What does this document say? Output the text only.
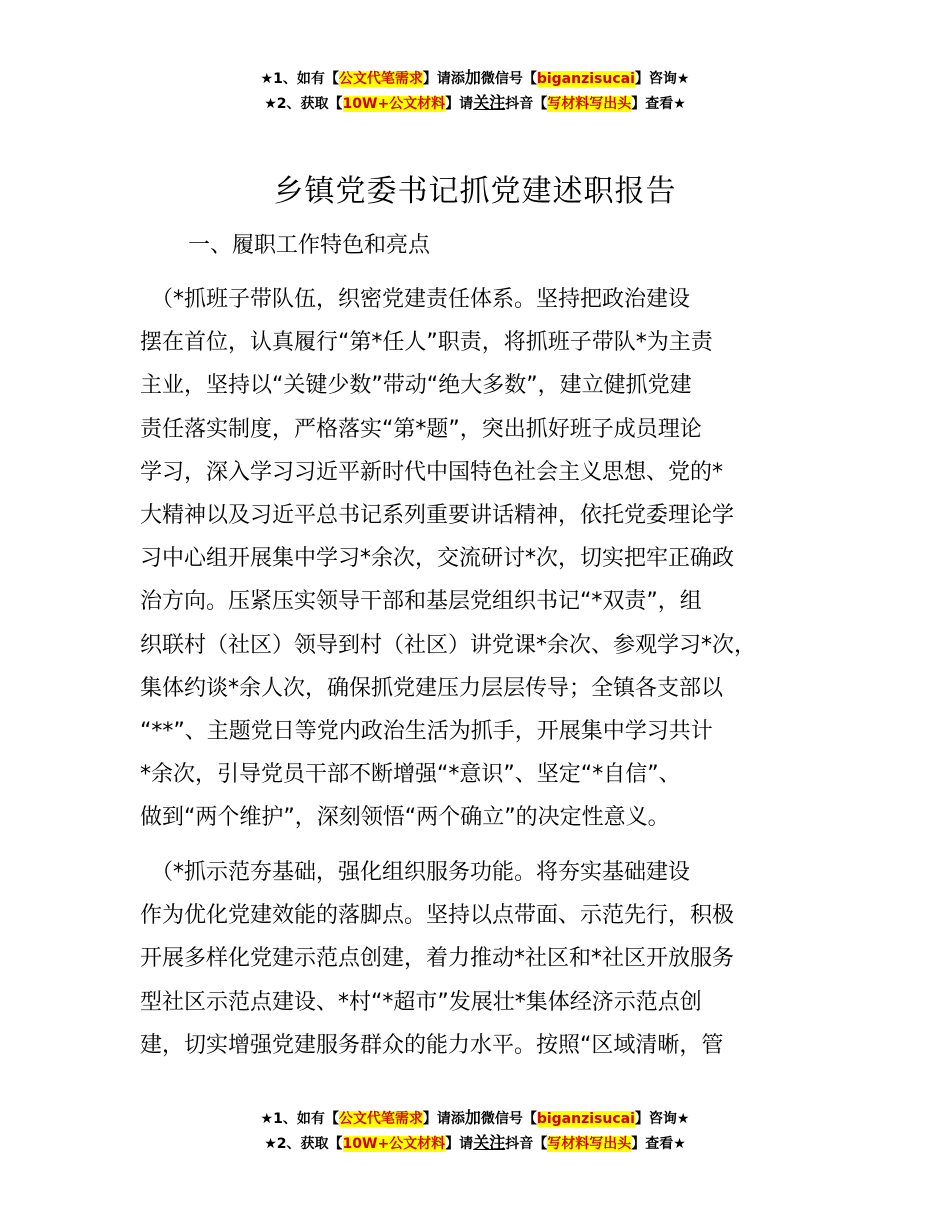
★1、如有【公文代笔需求】请添加微信号【biganzisucai】咨询★
★2、获取【10W+公文材料】请关注抖音【写材料写出头】查看★
乡镇党委书记抓党建述职报告
一、履职工作特色和亮点
　（*抓班子带队伍，织密党建责任体系。坚持把政治建设
摆在首位，认真履行“第*任人”职责，将抓班子带队*为主责
主业，坚持以“关键少数”带动“绝大多数”，建立健抓党建
责任落实制度，严格落实“第*题”，突出抓好班子成员理论
学习，深入学习习近平新时代中国特色社会主义思想、党的*
大精神以及习近平总书记系列重要讲话精神，依托党委理论学
习中心组开展集中学习*余次，交流研讨*次，切实把牢正确政
治方向。压紧压实领导干部和基层党组织书记“*双责”，组
织联村（社区）领导到村（社区）讲党课*余次、参观学习*次，
集体约谈*余人次，确保抓党建压力层层传导；全镇各支部以
“**”、主题党日等党内政治生活为抓手，开展集中学习共计
*余次，引导党员干部不断增强“*意识”、坚定“*自信”、
做到“两个维护”，深刻领悟“两个确立”的决定性意义。
　（*抓示范夯基础，强化组织服务功能。将夯实基础建设
作为优化党建效能的落脚点。坚持以点带面、示范先行，积极
开展多样化党建示范点创建，着力推动*社区和*社区开放服务
型社区示范点建设、*村“*超市”发展壮*集体经济示范点创
建，切实增强党建服务群众的能力水平。按照“区域清晰，管
★1、如有【公文代笔需求】请添加微信号【biganzisucai】咨询★
★2、获取【10W+公文材料】请关注抖音【写材料写出头】查看★
